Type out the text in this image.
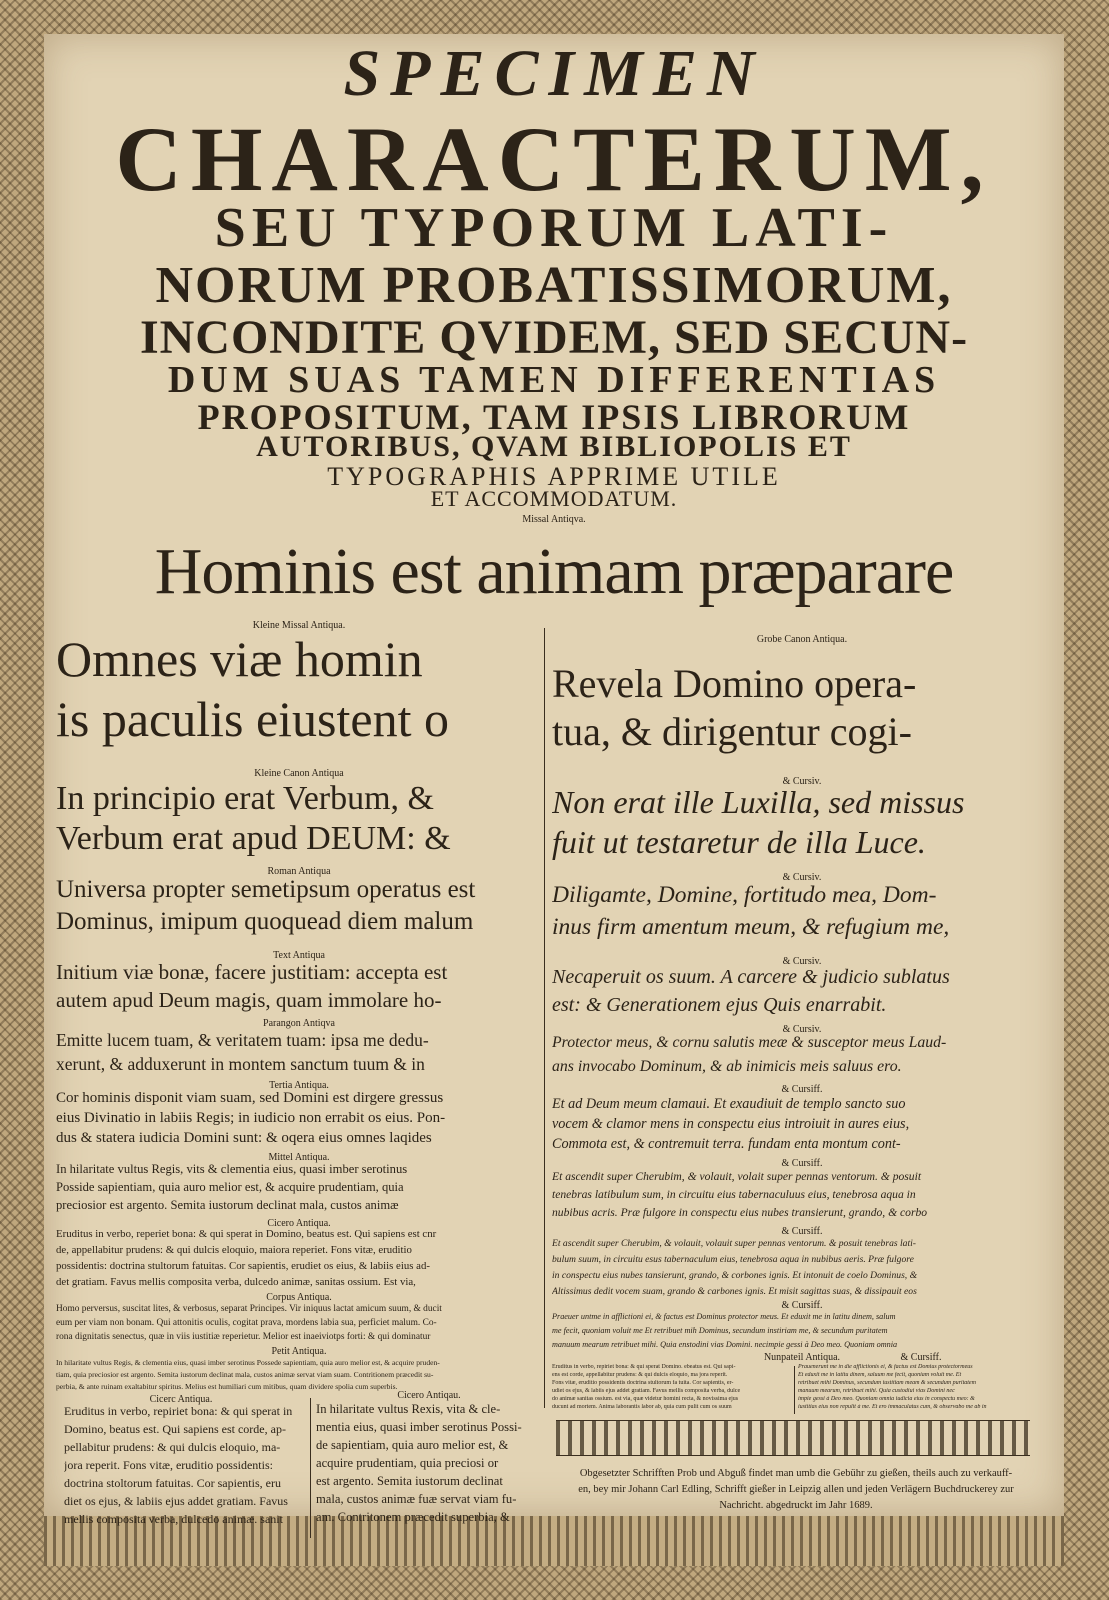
SPECIMEN
CHARACTERUM,
SEU TYPORUM LATI-
NORUM PROBATISSIMORUM,
INCONDITE QVIDEM, SED SECUN-
DUM SUAS TAMEN DIFFERENTIAS
PROPOSITUM, TAM IPSIS LIBRORUM
AUTORIBUS, QVAM BIBLIOPOLIS ET
TYPOGRAPHIS APPRIME UTILE
ET ACCOMMODATUM.
Missal Antiqva.
Hominis est animam præparare
Kleine Missal Antiqua.
Omnes viæ homin
is paculis eiustent o
Kleine Canon Antiqua
In principio erat Verbum, &
Verbum erat apud DEUM: &
Roman Antiqua
Universa propter semetipsum operatus est
Dominus, imipum quoquead diem malum
Text Antiqua
Initium viæ bonæ, facere justitiam: accepta est
autem apud Deum magis, quam immolare ho-
Parangon Antiqva
Emitte lucem tuam, & veritatem tuam: ipsa me dedu-
xerunt, & adduxerunt in montem sanctum tuum & in
Tertia Antiqua.
Cor hominis disponit viam suam, sed Domini est dirgere gressus
eius Divinatio in labiis Regis; in iudicio non errabit os eius. Pon-
dus & statera iudicia Domini sunt: & oqera eius omnes laqides
Mittel Antiqua.
In hilaritate vultus Regis, vits & clementia eius, quasi imber serotinus
Posside sapientiam, quia auro melior est, & acquire prudentiam, quia
preciosior est argento. Semita iustorum declinat mala, custos animæ
Cicero Antiqua.
Eruditus in verbo, reperiet bona: & qui sperat in Domino, beatus est. Qui sapiens est cnr
de, appellabitur prudens: & qui dulcis eloquio, maiora reperiet. Fons vitæ, eruditio
possidentis: doctrina stultorum fatuitas. Cor sapientis, erudiet os eius, & labiis eius ad-
det gratiam. Favus mellis composita verba, dulcedo animæ, sanitas ossium. Est via,
Corpus Antiqua.
Homo perversus, suscitat lites, & verbosus, separat Principes. Vir iniquus lactat amicum suum, & ducit
eum per viam non bonam. Qui attonitis oculis, cogitat prava, mordens labia sua, perficiet malum. Co-
rona dignitatis senectus, quæ in viis iustitiæ reperietur. Melior est inaeiviotps forti: & qui dominatur
Petit Antiqua.
In hilaritate vultus Regis, & clementia eius, quasi imber serotinus Possede sapientiam, quia auro melior est, & acquire pruden-
tiam, quia preciosior est argento. Semita iustorum declinat mala, custos animæ servat viam suam. Contritionem præcedit su-
perbia, & ante ruinam exaltabitur spiritus. Melius est humiliari cum mitibus, quam dividere spolia cum superbis.
Cicerc Antiqua.
Eruditus in verbo, repiriet bona: & qui sperat in
Domino, beatus est. Qui sapiens est corde, ap-
pellabitur prudens: & qui dulcis eloquio, ma-
jora reperit. Fons vitæ, eruditio possidentis:
doctrina stoltorum fatuitas. Cor sapientis, eru
diet os ejus, & labiis ejus addet gratiam. Favus
mellis composita verba, dulcedo animæ. sanit
Cicero Antiqau.
In hilaritate vultus Rexis, vita & cle-
mentia eius, quasi imber serotinus Possi-
de sapientiam, quia auro melior est, &
acquire prudentiam, quia preciosi or
est argento. Semita iustorum declinat
mala, custos animæ fuæ servat viam fu-
am. Contritonem præcedit superbia, &
Grobe Canon Antiqua.
Revela Domino opera-
tua, & dirigentur cogi-
& Cursiv.
Non erat ille Luxilla, sed missus
fuit ut testaretur de illa Luce.
& Cursiv.
Diligamte, Domine, fortitudo mea, Dom-
inus firm amentum meum, & refugium me,
& Cursiv.
Necaperuit os suum. A carcere & judicio sublatus
est: & Generationem ejus Quis enarrabit.
& Cursiv.
Protector meus, & cornu salutis meæ & susceptor meus Laud-
ans invocabo Dominum, & ab inimicis meis saluus ero.
& Cursiff.
Et ad Deum meum clamaui. Et exaudiuit de templo sancto suo
vocem & clamor mens in conspectu eius introiuit in aures eius,
Commota est, & contremuit terra. fundam enta montum cont-
& Cursiff.
Et ascendit super Cherubim, & volauit, volait super pennas ventorum. & posuit
tenebras latibulum sum, in circuitu eius tabernaculuus eius, tenebrosa aqua in
nubibus acris. Præ fulgore in conspectu eius nubes transierunt, grando, & corbo
& Cursiff.
Et ascendit super Cherubim, & volauit, volauit super pennas ventorum. & posuit tenebras lati-
bulum suum, in circuitu esus tabernaculum eius, tenebrosa aqua in nubibus aeris. Præ fulgore
in conspectu eius nubes tansierunt, grando, & corbones ignis. Et intonuit de coelo Dominus, &
Altissimus dedit vocem suam, grando & carbones ignis. Et misit sagittas suas, & dissipauit eos
& Cursiff.
Praeuer untme in afflictioni ei, & factus est Dominus protector meus. Et eduxit me in latitu dinem, salum
me fecit, quoniam voluit me Et retribuet mih Dominus, secundum instiriam me, & secundum puritatem
manuum mearum retribuet mihi. Quia enstodini vias Domini. necimpie gessi à Deo meo. Quoniam omnia
Nunpateil Antiqua.	& Cursiff.
Eruditus in verbo, repiriet bona: & qui sperat Domino. ebeatus est. Qui sapi-
ens est corde, appellabitur prudens: & qui dulcis eloquio, ma jora reperit.
Fons vitæ, eruditio possidentis doctrina stultorum fa tuita. Cor sapientis, er-
udiet os ejus, & labiis ejus addet gratiam. Favus mellis composita verba, dulce
do animæ sanitas ossium. est via, quæ videtur homini recta, & novissima ejus
ducunt ad mortem. Anima laborantis labor ab, quia cum pulit cum os suum
Prauenerunt me in die afflictionis ei, & factus est Domius protectormeus
Et eduxit me in latitu dinem, saluum me fecit, quoniam voluit me. Et
retribuet mihi Dominus, secundum iustitiam meam & secundum puritatem
manuum mearum, retribuet mihi. Quia custodiui vias Domini nec
impie gessi à Deo meo. Quoniam omnia iudicia eius in conspectu meo: &
iustitias eius non repulit à me. Et ero immaculatus cum, & observabo me ab in
Obgesetzter Schrifften Prob und Abguß findet man umb die Gebühr zu gießen, theils auch zu verkauff-
en, bey mir Johann Carl Edling, Schrifft gießer in Leipzig allen und jeden Verlägern Buchdruckerey zur
Nachricht. abgedruckt im Jahr 1689.
